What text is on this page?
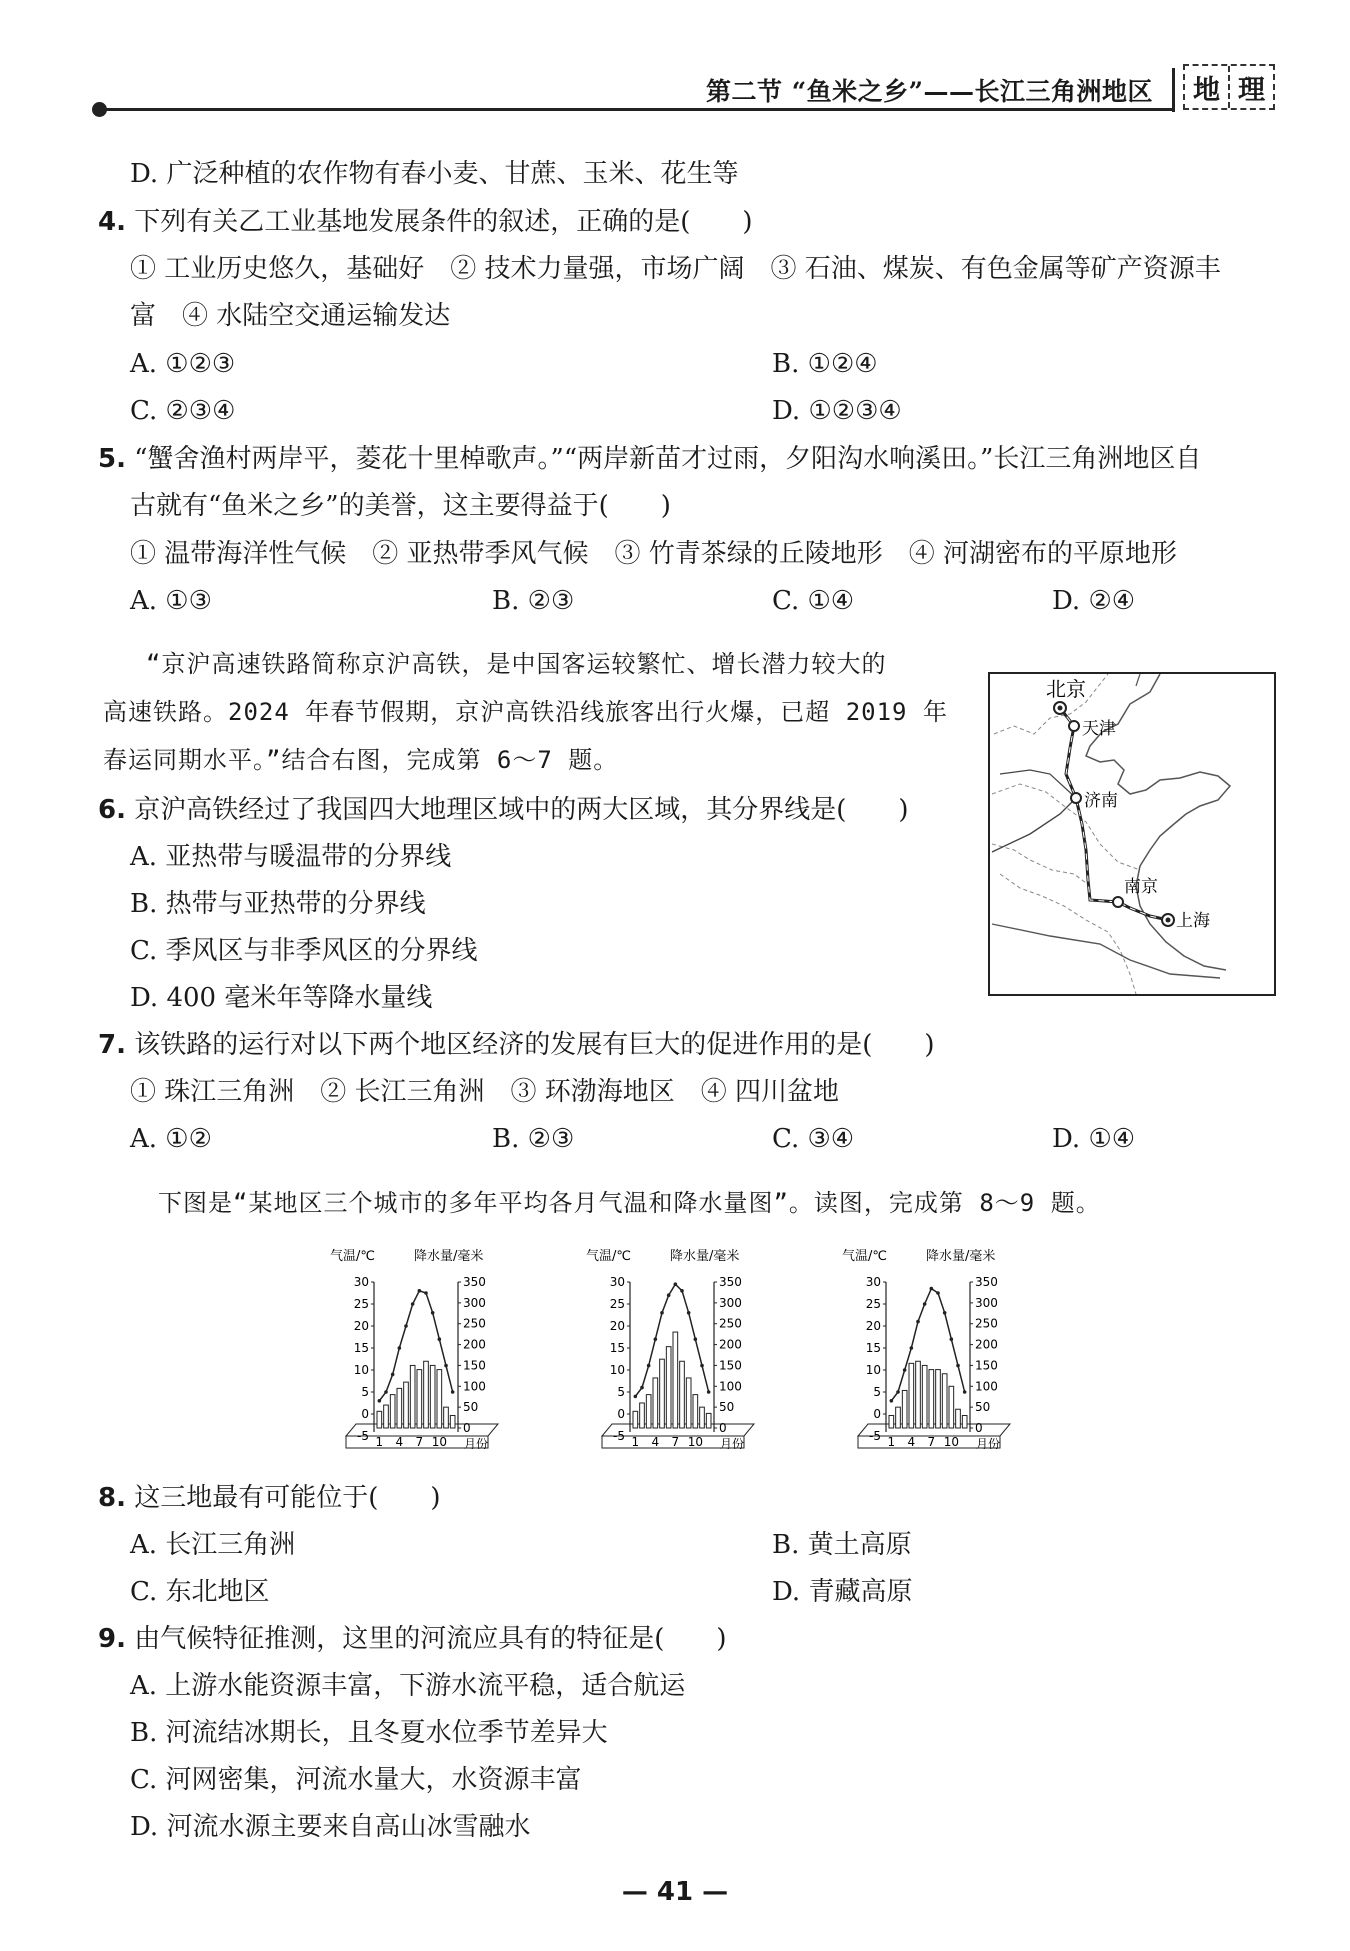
第二节 “鱼米之乡”——长江三角洲地区 地 理
D. 广泛种植的农作物有春小麦、甘蔗、玉米、花生等
4. 下列有关乙工业基地发展条件的叙述，正确的是(　　)
① 工业历史悠久，基础好　② 技术力量强，市场广阔　③ 石油、煤炭、有色金属等矿产资源丰
富　④ 水陆空交通运输发达
A. ①②③	B. ①②④
C. ②③④	D. ①②③④
5. “蟹舍渔村两岸平，菱花十里棹歌声。”“两岸新苗才过雨，夕阳沟水响溪田。”长江三角洲地区自
古就有“鱼米之乡”的美誉，这主要得益于(　　)
① 温带海洋性气候　② 亚热带季风气候　③ 竹青茶绿的丘陵地形　④ 河湖密布的平原地形
A. ①③	B. ②③	C. ①④	D. ②④
“京沪高速铁路简称京沪高铁，是中国客运较繁忙、增长潜力较大的
高速铁路。2024 年春节假期，京沪高铁沿线旅客出行火爆，已超 2019 年
春运同期水平。”结合右图，完成第 6～7 题。
北京
天津
济南
南京
上海
6. 京沪高铁经过了我国四大地理区域中的两大区域，其分界线是(　　)
A. 亚热带与暖温带的分界线
B. 热带与亚热带的分界线
C. 季风区与非季风区的分界线
D. 400 毫米年等降水量线
7. 该铁路的运行对以下两个地区经济的发展有巨大的促进作用的是(　　)
① 珠江三角洲　② 长江三角洲　③ 环渤海地区　④ 四川盆地
A. ①②	B. ②③	C. ③④	D. ①④
下图是“某地区三个城市的多年平均各月气温和降水量图”。读图，完成第 8～9 题。
气温/℃	降水量/毫米
30
25
20
15
10
5
0
-5
350
300
250
200
150
100
50
0
1 4 7 10 月份
气温/℃	降水量/毫米
30
25
20
15
10
5
0
-5
350
300
250
200
150
100
50
0
1 4 7 10 月份
气温/℃	降水量/毫米
30
25
20
15
10
5
0
-5
350
300
250
200
150
100
50
0
1 4 7 10 月份
8. 这三地最有可能位于(　　)
A. 长江三角洲	B. 黄土高原
C. 东北地区	D. 青藏高原
9. 由气候特征推测，这里的河流应具有的特征是(　　)
A. 上游水能资源丰富，下游水流平稳，适合航运
B. 河流结冰期长，且冬夏水位季节差异大
C. 河网密集，河流水量大，水资源丰富
D. 河流水源主要来自高山冰雪融水
— 41 —
